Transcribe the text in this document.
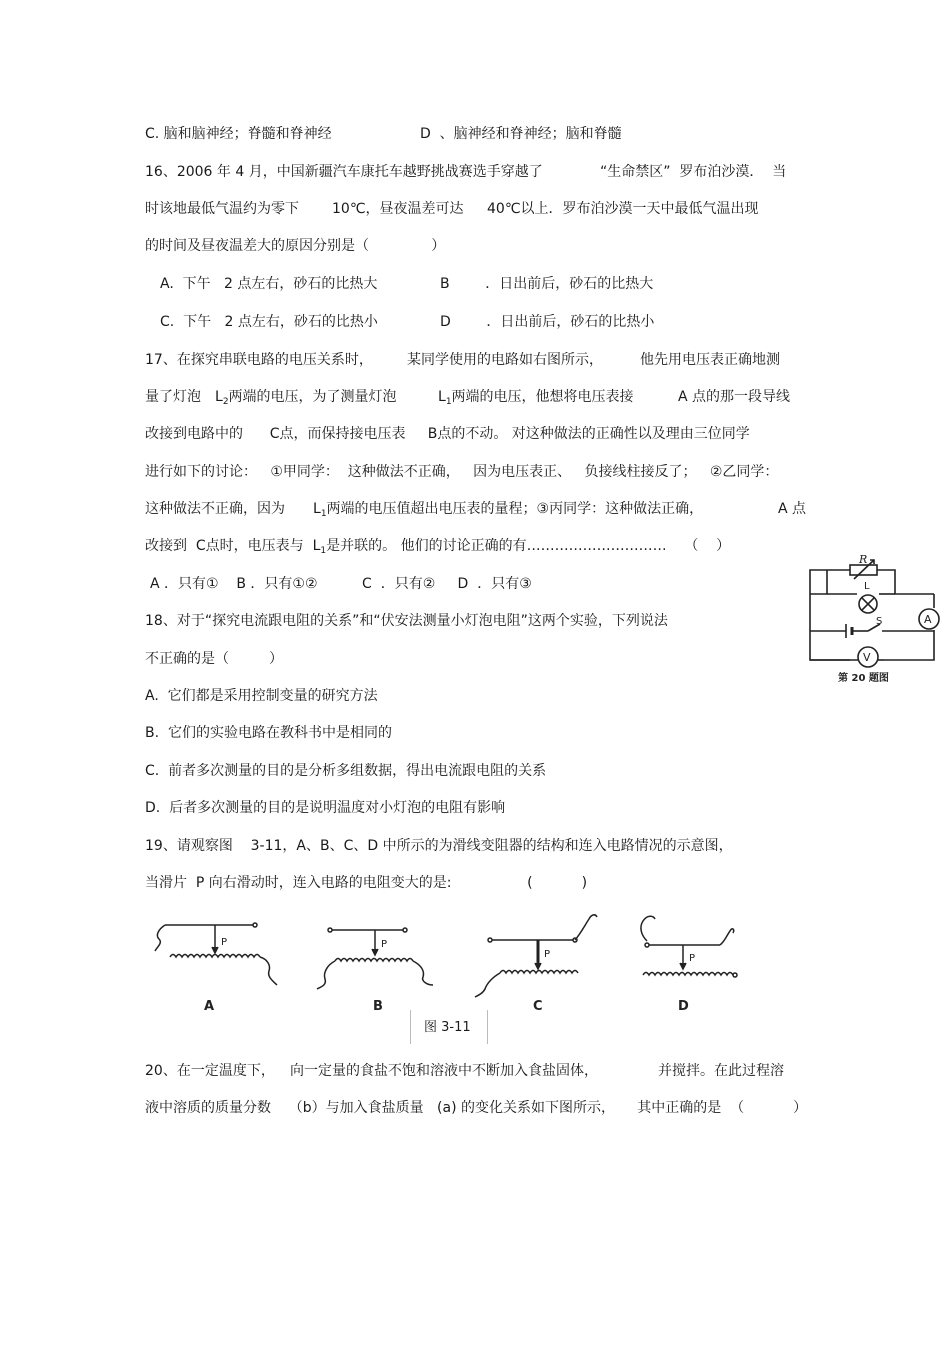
C. 脑和脑神经；脊髓和脊神经	D  、脑神经和脊神经；脑和脊髓
16、2006 年 4 月，中国新疆汽车康托车越野挑战赛选手穿越了	“生命禁区”  罗布泊沙漠．  当
时该地最低气温约为零下 10℃，昼夜温差可达 40℃以上．罗布泊沙漠一天中最低气温出现
的时间及昼夜温差大的原因分别是（              ）
A.  下午   2 点左右，砂石的比热大	B        ．日出前后，砂石的比热大
C.  下午   2 点左右，砂石的比热小	D        ．日出前后，砂石的比热小
17、在探究串联电路的电压关系时， 某同学使用的电路如右图所示，	他先用电压表正确地测
量了灯泡 $L_2$两端的电压，为了测量灯泡	$L_1$两端的电压，他想将电压表接	A 点的那一段导线
改接到电路中的      C点，而保持接电压表     B点的不动。 对这种做法的正确性以及理由三位同学
进行如下的讨论：   ①甲同学：  这种做法不正确，   因为电压表正、   负接线柱接反了；   ②乙同学：
这种做法不正确，因为 $L_1$两端的电压值超出电压表的量程；③丙同学：这种做法正确，	A 点
改接到  C点时，电压表与  $L_1$是并联的。 他们的讨论正确的有…………………………    （    ）
A ．只有①    B ．只有①②          C  ．只有②     D  ．只有③
R
L
S	A
V
第 20 题图
18、对于“探究电流跟电阻的关系”和“伏安法测量小灯泡电阻”这两个实验，下列说法
不正确的是（         ）
A.  它们都是采用控制变量的研究方法
B.  它们的实验电路在教科书中是相同的
C.  前者多次测量的目的是分析多组数据，得出电流跟电阻的关系
D.  后者多次测量的目的是说明温度对小灯泡的电阻有影响
19、请观察图    3-11，A、B、C、D 中所示的为滑线变阻器的结构和连入电路情况的示意图，
当滑片  P 向右滑动时，连入电路的电阻变大的是:                 (           )
P	P
P
A	B	C
P
D
图 3-11
20、在一定温度下， 向一定量的食盐不饱和溶液中不断加入食盐固体，	并搅拌。在此过程溶
液中溶质的质量分数    （b）与加入食盐质量   (a) 的变化关系如下图所示，     其中正确的是  （           ）
